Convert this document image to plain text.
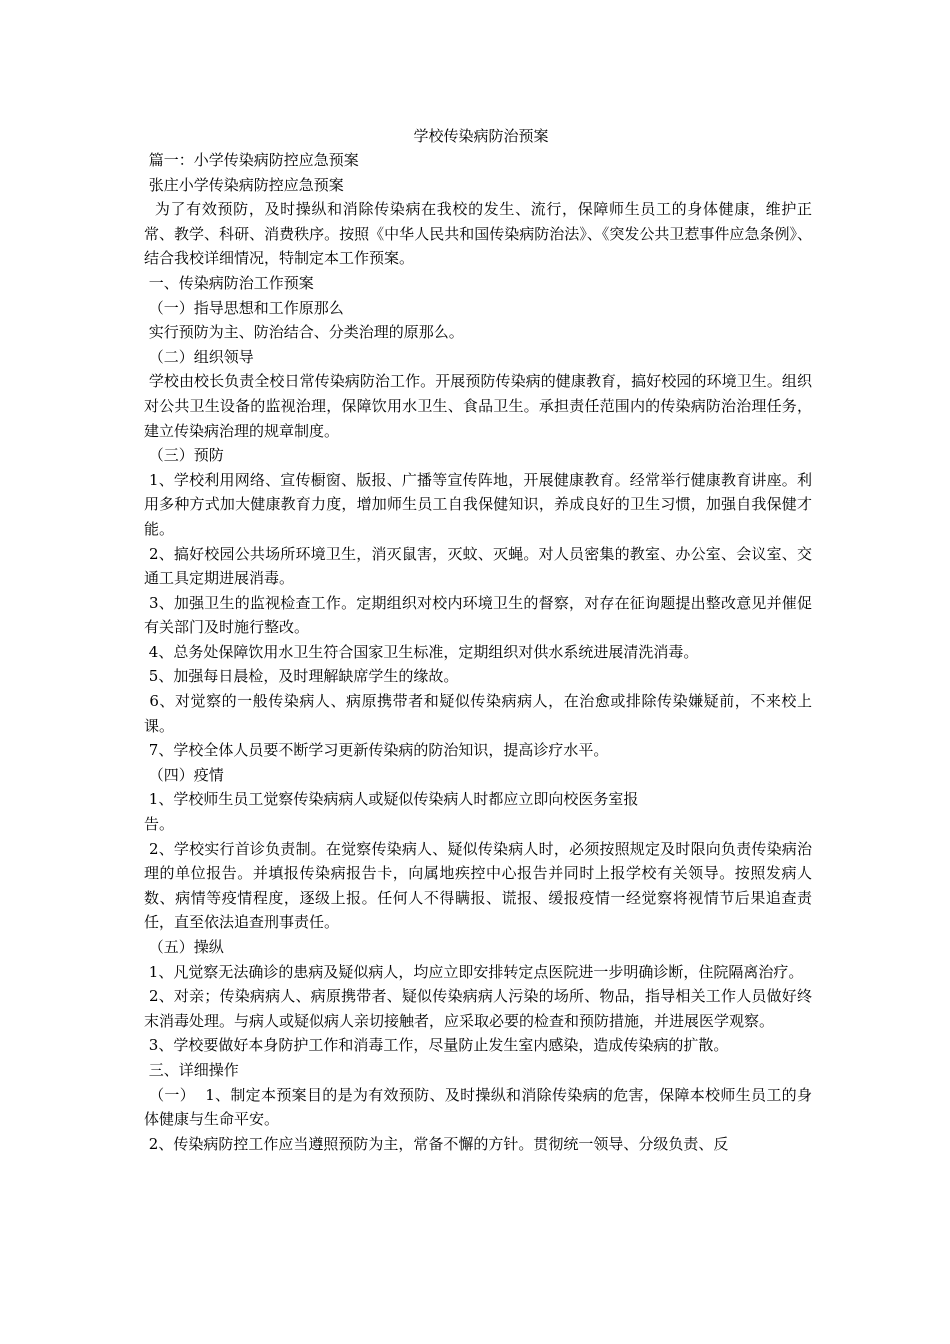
学校传染病防治预案
篇一：小学传染病防控应急预案
张庄小学传染病防控应急预案
为了有效预防，及时操纵和消除传染病在我校的发生、流行，保障师生员工的身体健康，维护正常、教学、科研、消费秩序。按照《中华人民共和国传染病防治法》、《突发公共卫惹事件应急条例》、结合我校详细情况，特制定本工作预案。
一、传染病防治工作预案
（一）指导思想和工作原那么
实行预防为主、防治结合、分类治理的原那么。
（二）组织领导
学校由校长负责全校日常传染病防治工作。开展预防传染病的健康教育，搞好校园的环境卫生。组织对公共卫生设备的监视治理，保障饮用水卫生、食品卫生。承担责任范围内的传染病防治治理任务，建立传染病治理的规章制度。
（三）预防
1、学校利用网络、宣传橱窗、版报、广播等宣传阵地，开展健康教育。经常举行健康教育讲座。利用多种方式加大健康教育力度，增加师生员工自我保健知识，养成良好的卫生习惯，加强自我保健才能。
2、搞好校园公共场所环境卫生，消灭鼠害，灭蚊、灭蝇。对人员密集的教室、办公室、会议室、交通工具定期进展消毒。
3、加强卫生的监视检查工作。定期组织对校内环境卫生的督察，对存在征询题提出整改意见并催促有关部门及时施行整改。
4、总务处保障饮用水卫生符合国家卫生标准，定期组织对供水系统进展清洗消毒。
5、加强每日晨检，及时理解缺席学生的缘故。
6、对觉察的一般传染病人、病原携带者和疑似传染病病人，在治愈或排除传染嫌疑前，不来校上课。
7、学校全体人员要不断学习更新传染病的防治知识，提高诊疗水平。
（四）疫情
1、学校师生员工觉察传染病病人或疑似传染病人时都应立即向校医务室报
告。
2、学校实行首诊负责制。在觉察传染病人、疑似传染病人时，必须按照规定及时限向负责传染病治理的单位报告。并填报传染病报告卡，向属地疾控中心报告并同时上报学校有关领导。按照发病人数、病情等疫情程度，逐级上报。任何人不得瞒报、谎报、缓报疫情一经觉察将视情节后果追查责任，直至依法追查刑事责任。
（五）操纵
1、凡觉察无法确诊的患病及疑似病人，均应立即安排转定点医院进一步明确诊断，住院隔离治疗。
2、对亲；传染病病人、病原携带者、疑似传染病病人污染的场所、物品，指导相关工作人员做好终末消毒处理。与病人或疑似病人亲切接触者，应采取必要的检查和预防措施，并进展医学观察。
3、学校要做好本身防护工作和消毒工作，尽量防止发生室内感染，造成传染病的扩散。
三、详细操作
（一）  1、制定本预案目的是为有效预防、及时操纵和消除传染病的危害，保障本校师生员工的身体健康与生命平安。
2、传染病防控工作应当遵照预防为主，常备不懈的方针。贯彻统一领导、分级负责、反
